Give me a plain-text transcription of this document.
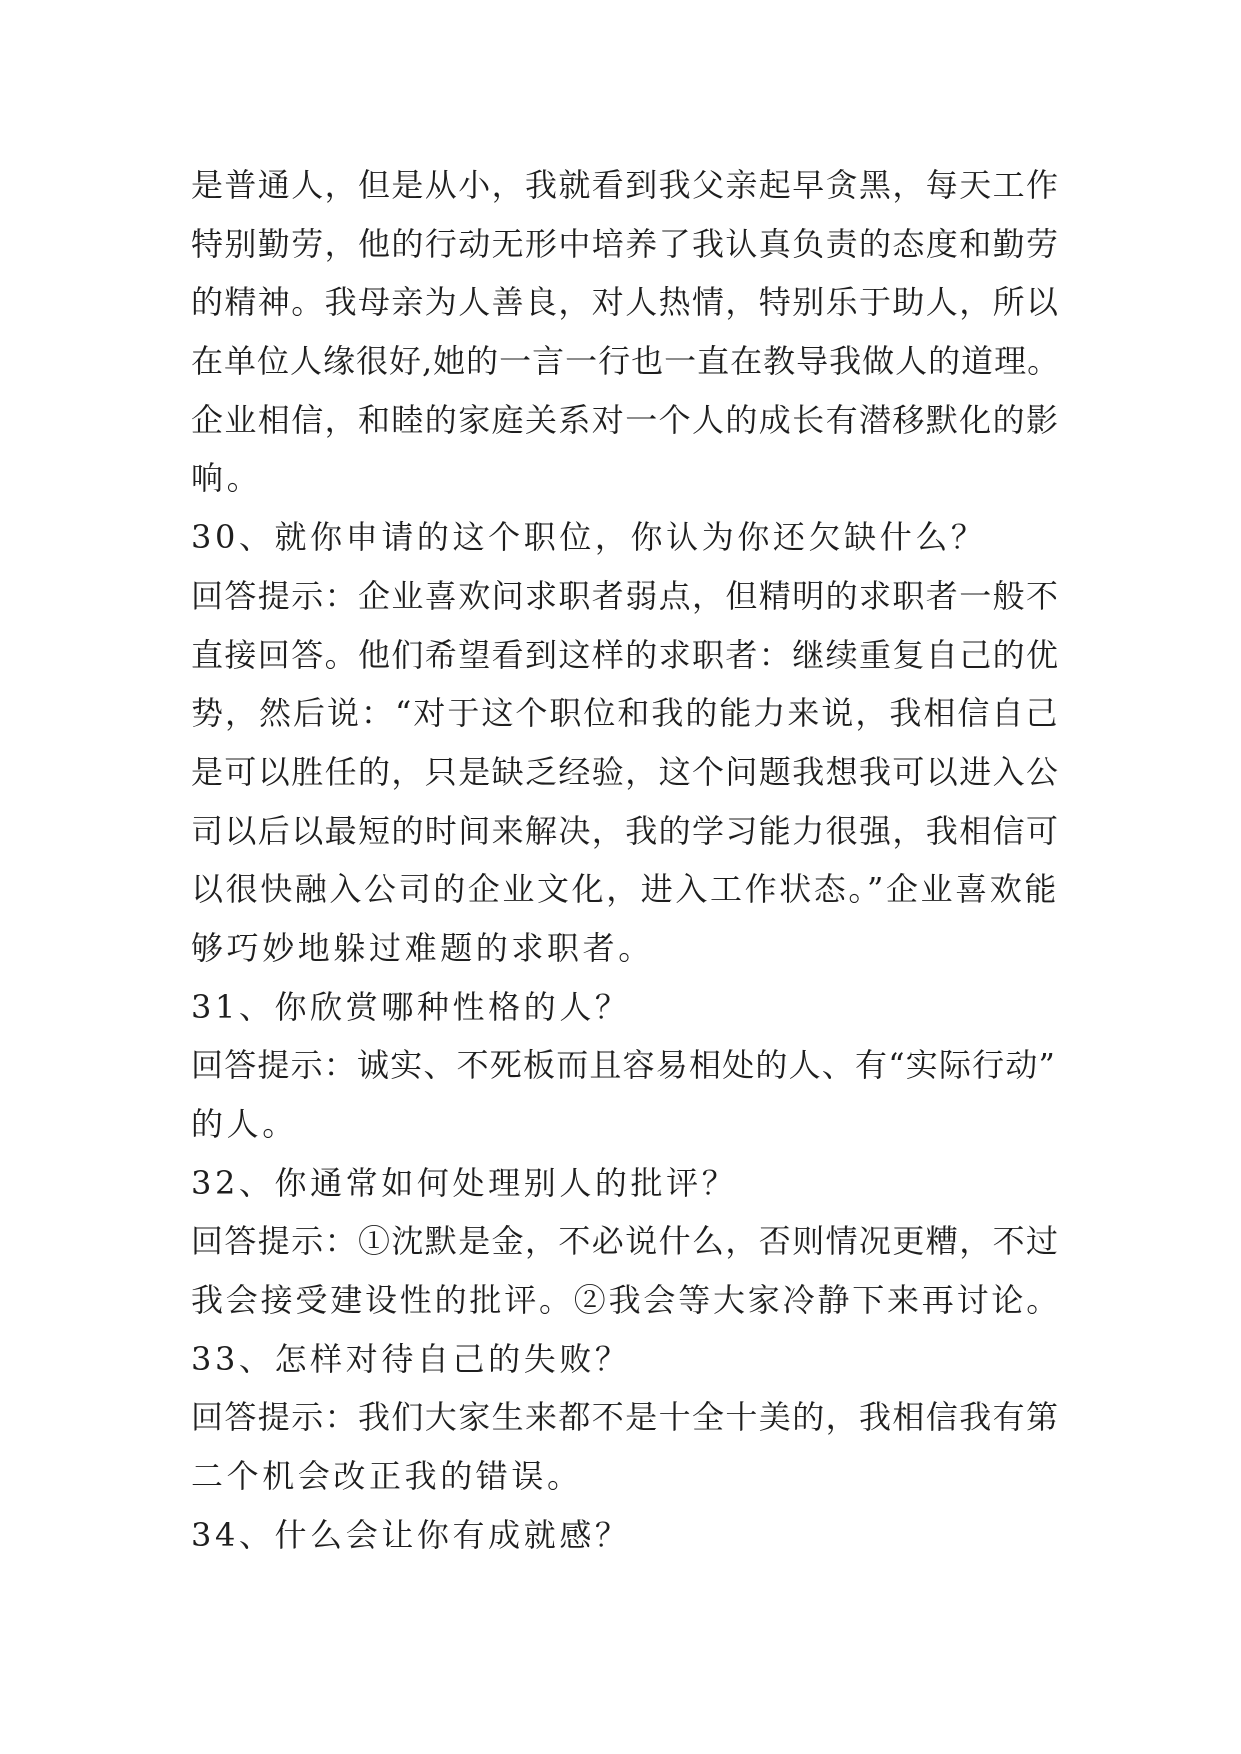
是普通人，但是从小，我就看到我父亲起早贪黑，每天工作
特别勤劳，他的行动无形中培养了我认真负责的态度和勤劳
的精神。我母亲为人善良，对人热情，特别乐于助人，所以
在单位人缘很好,她的一言一行也一直在教导我做人的道理。
企业相信，和睦的家庭关系对一个人的成长有潜移默化的影
响。
30、就你申请的这个职位，你认为你还欠缺什么？
回答提示：企业喜欢问求职者弱点，但精明的求职者一般不
直接回答。他们希望看到这样的求职者：继续重复自己的优
势，然后说：“对于这个职位和我的能力来说，我相信自己
是可以胜任的，只是缺乏经验，这个问题我想我可以进入公
司以后以最短的时间来解决，我的学习能力很强，我相信可
以很快融入公司的企业文化，进入工作状态。”企业喜欢能
够巧妙地躲过难题的求职者。
31、你欣赏哪种性格的人？
回答提示：诚实、不死板而且容易相处的人、有“实际行动”
的人。
32、你通常如何处理别人的批评？
回答提示：①沈默是金，不必说什么，否则情况更糟，不过
我会接受建设性的批评。②我会等大家冷静下来再讨论。
33、怎样对待自己的失败？
回答提示：我们大家生来都不是十全十美的，我相信我有第
二个机会改正我的错误。
34、什么会让你有成就感？
